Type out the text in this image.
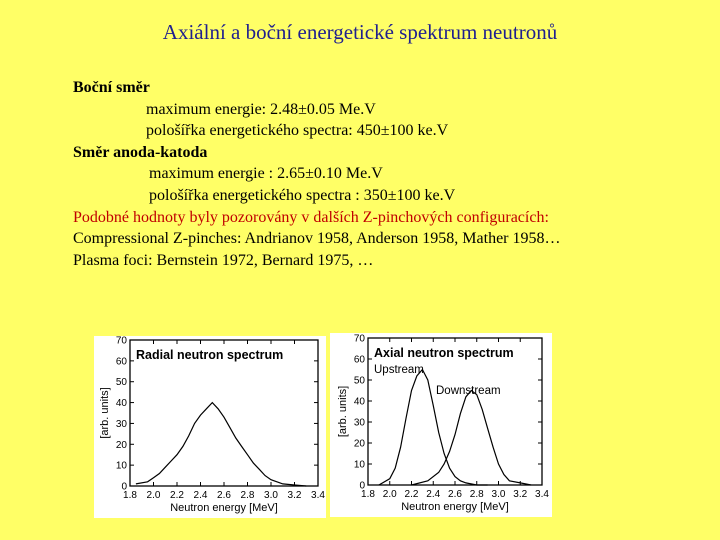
Axiální a boční energetické spektrum neutronů
Boční směr
maximum energie: 2.48±0.05 Me.V
pološířka energetického spectra: 450±100 ke.V
Směr anoda-katoda
maximum energie : 2.65±0.10 Me.V
pološířka energetického spectra : 350±100 ke.V
Podobné hodnoty byly pozorovány v dalších Z-pinchových configuracích:
Compressional Z-pinches: Andrianov 1958, Anderson 1958, Mather 1958…
Plasma foci: Bernstein 1972, Bernard 1975, …
0
10
20
30
40
50
60
70
1.8 2.0 2.2 2.4 2.6 2.8 3.0 3.2 3.4
Neutron energy [MeV]
[arb. units]
Radial neutron spectrum
0
10
20
30
40
50
60
70
1.8 2.0 2.2 2.4 2.6 2.8 3.0 3.2 3.4
Neutron energy [MeV]
[arb. units]
Axial neutron spectrum
Upstream
Downstream
